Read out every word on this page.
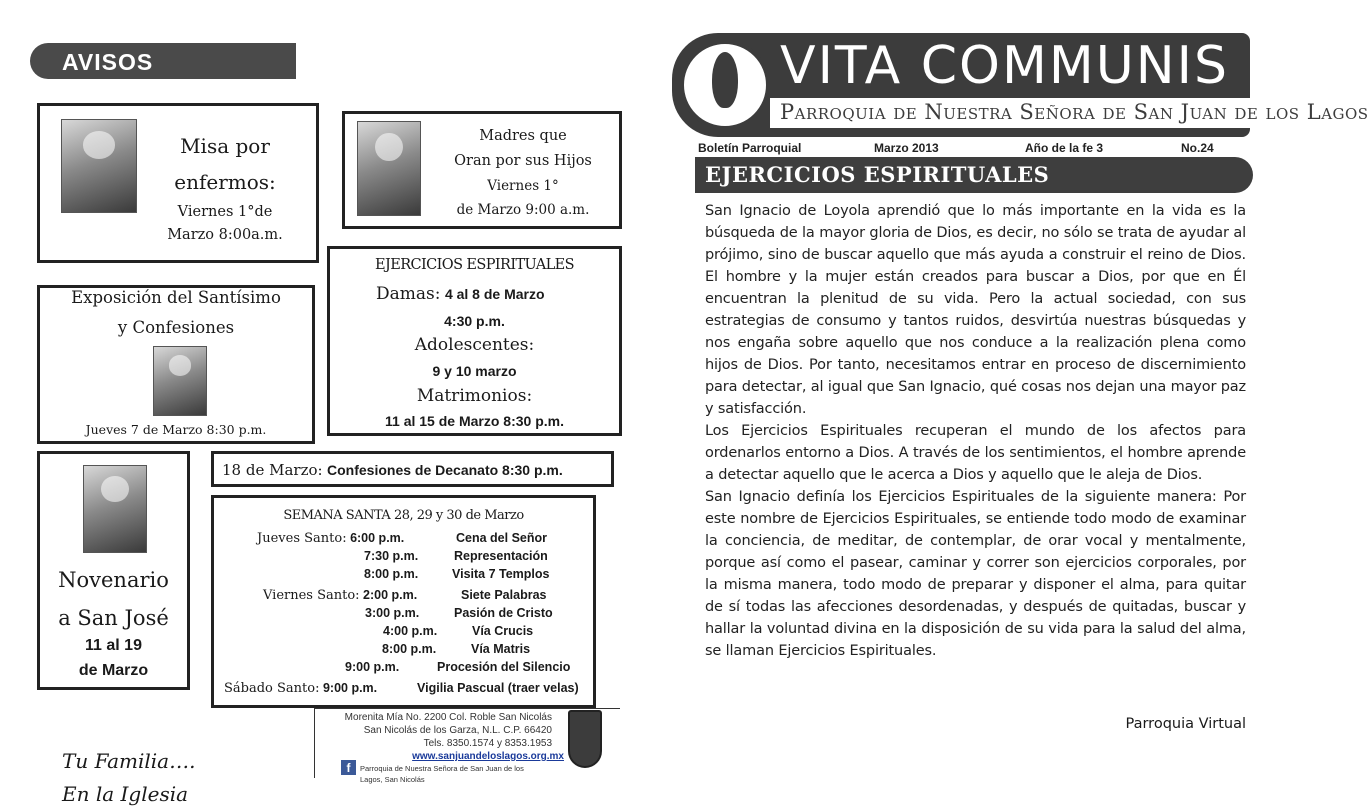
AVISOS
Misa por
enfermos:
Viernes 1°de
Marzo 8:00a.m.
Madres que
Oran por sus Hijos
Viernes 1°
de Marzo 9:00 a.m.
Exposición del Santísimo
y Confesiones
Jueves 7 de Marzo 8:30 p.m.
EJERCICIOS ESPIRITUALES
Damas: 4 al 8 de Marzo
4:30 p.m.
Adolescentes:
9 y 10 marzo
Matrimonios:
11 al 15 de Marzo 8:30 p.m.
18 de Marzo: Confesiones de Decanato 8:30 p.m.
Novenario
a San José
11 al 19
de Marzo
SEMANA SANTA 28, 29 y 30 de Marzo
Jueves Santo: 6:00 p.m.	Cena del Señor
7:30 p.m.	Representación
8:00 p.m.	Visita 7 Templos
Viernes Santo: 2:00 p.m.	Siete Palabras
3:00 p.m.	Pasión de Cristo
4:00 p.m.	Vía Crucis
8:00 p.m.	Vía Matris
9:00 p.m.	Procesión del Silencio
Sábado Santo: 9:00 p.m.	Vigilia Pascual (traer velas)
Morenita Mía No. 2200 Col. Roble San Nicolás
San Nicolás de los Garza, N.L. C.P. 66420
Tels. 8350.1574 y 8353.1953
www.sanjuandeloslagos.org.mx
f	Parroquia de Nuestra Señora de San Juan de los
Lagos, San Nicolás
Tu Familia….
En la Iglesia
VITA COMMUNIS
Parroquia de Nuestra Señora de San Juan de los Lagos
Boletín Parroquial	Marzo 2013	Año de la fe 3	No.24
EJERCICIOS ESPIRITUALES

San Ignacio de Loyola aprendió que lo más importante en la vida es la búsqueda de la mayor gloria de Dios, es decir, no sólo se trata de ayudar al prójimo, sino de buscar aquello que más ayuda a construir el reino de Dios. El hombre y la mujer están creados para buscar a Dios, por que en Él encuentran la plenitud de su vida. Pero la actual sociedad, con sus estrategias de consumo y tantos ruidos, desvirtúa nuestras búsquedas y nos engaña sobre aquello que nos conduce a la realización plena como hijos de Dios. Por tanto, necesitamos entrar en proceso de discernimiento para detectar, al igual que San Ignacio, qué cosas nos dejan una mayor paz y satisfacción.

Los Ejercicios Espirituales recuperan el mundo de los afectos para ordenarlos entorno a Dios. A través de los sentimientos, el hombre aprende a detectar aquello que le acerca a Dios y aquello que le aleja de Dios.

San Ignacio definía los Ejercicios Espirituales de la siguiente manera: Por este nombre de Ejercicios Espirituales, se entiende todo modo de examinar la conciencia, de meditar, de contemplar, de orar vocal y mentalmente, porque así como el pasear, caminar y correr son ejercicios corporales, por la misma manera, todo modo de preparar y disponer el alma, para quitar de sí todas las afecciones desordenadas, y después de quitadas, buscar y hallar la voluntad divina en la disposición de su vida para la salud del alma, se llaman Ejercicios Espirituales.

Parroquia Virtual
